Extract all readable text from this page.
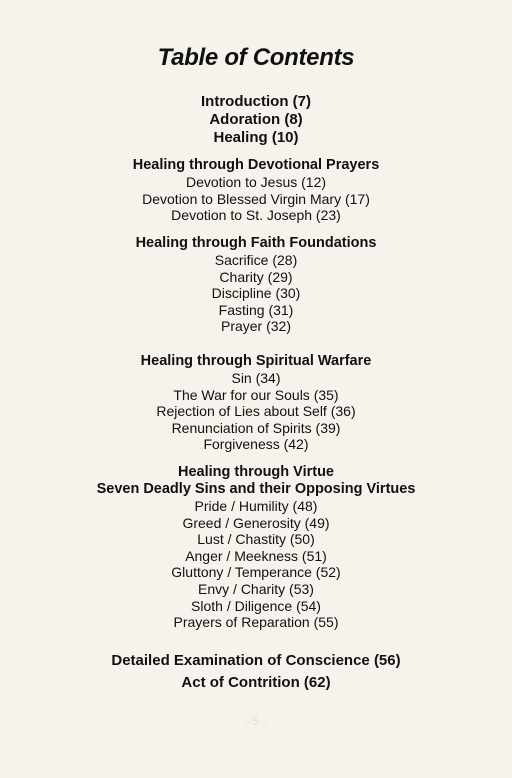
Table of Contents
Introduction (7)
Adoration (8)
Healing (10)
Healing through Devotional Prayers
Devotion to Jesus (12)
Devotion to Blessed Virgin Mary (17)
Devotion to St. Joseph (23)
Healing through Faith Foundations
Sacrifice (28)
Charity (29)
Discipline (30)
Fasting (31)
Prayer (32)
Healing through Spiritual Warfare
Sin (34)
The War for our Souls (35)
Rejection of Lies about Self (36)
Renunciation of Spirits (39)
Forgiveness (42)
Healing through Virtue
Seven Deadly Sins and their Opposing Virtues
Pride / Humility (48)
Greed / Generosity (49)
Lust / Chastity (50)
Anger / Meekness (51)
Gluttony / Temperance (52)
Envy / Charity (53)
Sloth / Diligence (54)
Prayers of Reparation (55)
Detailed Examination of Conscience (56)
Act of Contrition (62)
- 5 -
